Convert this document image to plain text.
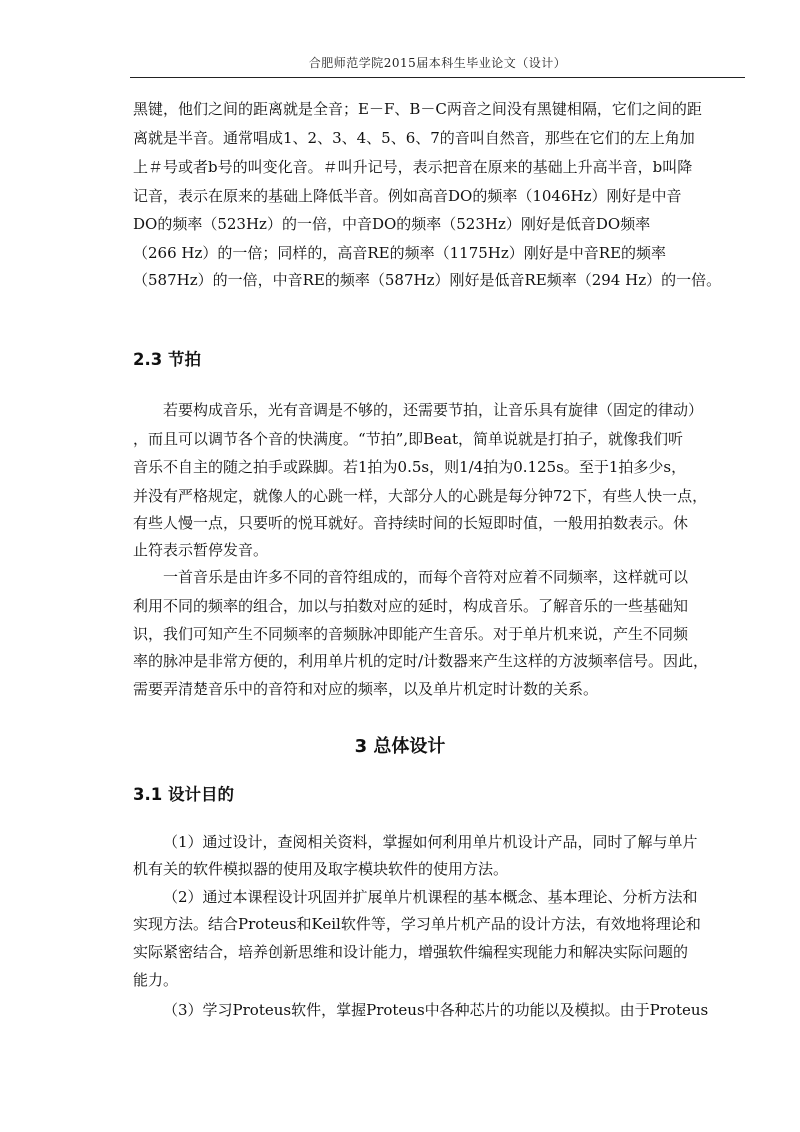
合肥师范学院2015届本科生毕业论文（设计）
黑键，他们之间的距离就是全音；E－F、B－C两音之间没有黑键相隔，它们之间的距
离就是半音。通常唱成1、2、3、4、5、6、7的音叫自然音，那些在它们的左上角加
上＃号或者b号的叫变化音。＃叫升记号，表示把音在原来的基础上升高半音，b叫降
记音，表示在原来的基础上降低半音。例如高音DO的频率（1046Hz）刚好是中音
DO的频率（523Hz）的一倍，中音DO的频率（523Hz）刚好是低音DO频率
（266 Hz）的一倍；同样的，高音RE的频率（1175Hz）刚好是中音RE的频率
（587Hz）的一倍，中音RE的频率（587Hz）刚好是低音RE频率（294 Hz）的一倍。
2.3 节拍
若要构成音乐，光有音调是不够的，还需要节拍，让音乐具有旋律（固定的律动）
，而且可以调节各个音的快满度。“节拍”,即Beat，简单说就是打拍子，就像我们听
音乐不自主的随之拍手或跺脚。若1拍为0.5s，则1/4拍为0.125s。至于1拍多少s，
并没有严格规定，就像人的心跳一样，大部分人的心跳是每分钟72下，有些人快一点，
有些人慢一点，只要听的悦耳就好。音持续时间的长短即时值，一般用拍数表示。休
止符表示暂停发音。
一首音乐是由许多不同的音符组成的，而每个音符对应着不同频率，这样就可以
利用不同的频率的组合，加以与拍数对应的延时，构成音乐。了解音乐的一些基础知
识，我们可知产生不同频率的音频脉冲即能产生音乐。对于单片机来说，产生不同频
率的脉冲是非常方便的，利用单片机的定时/计数器来产生这样的方波频率信号。因此，
需要弄清楚音乐中的音符和对应的频率，以及单片机定时计数的关系。
3 总体设计
3.1 设计目的
（1）通过设计，查阅相关资料，掌握如何利用单片机设计产品，同时了解与单片
机有关的软件模拟器的使用及取字模块软件的使用方法。
（2）通过本课程设计巩固并扩展单片机课程的基本概念、基本理论、分析方法和
实现方法。结合Proteus和Keil软件等，学习单片机产品的设计方法，有效地将理论和
实际紧密结合，培养创新思维和设计能力，增强软件编程实现能力和解决实际问题的
能力。
（3）学习Proteus软件，掌握Proteus中各种芯片的功能以及模拟。由于Proteus
